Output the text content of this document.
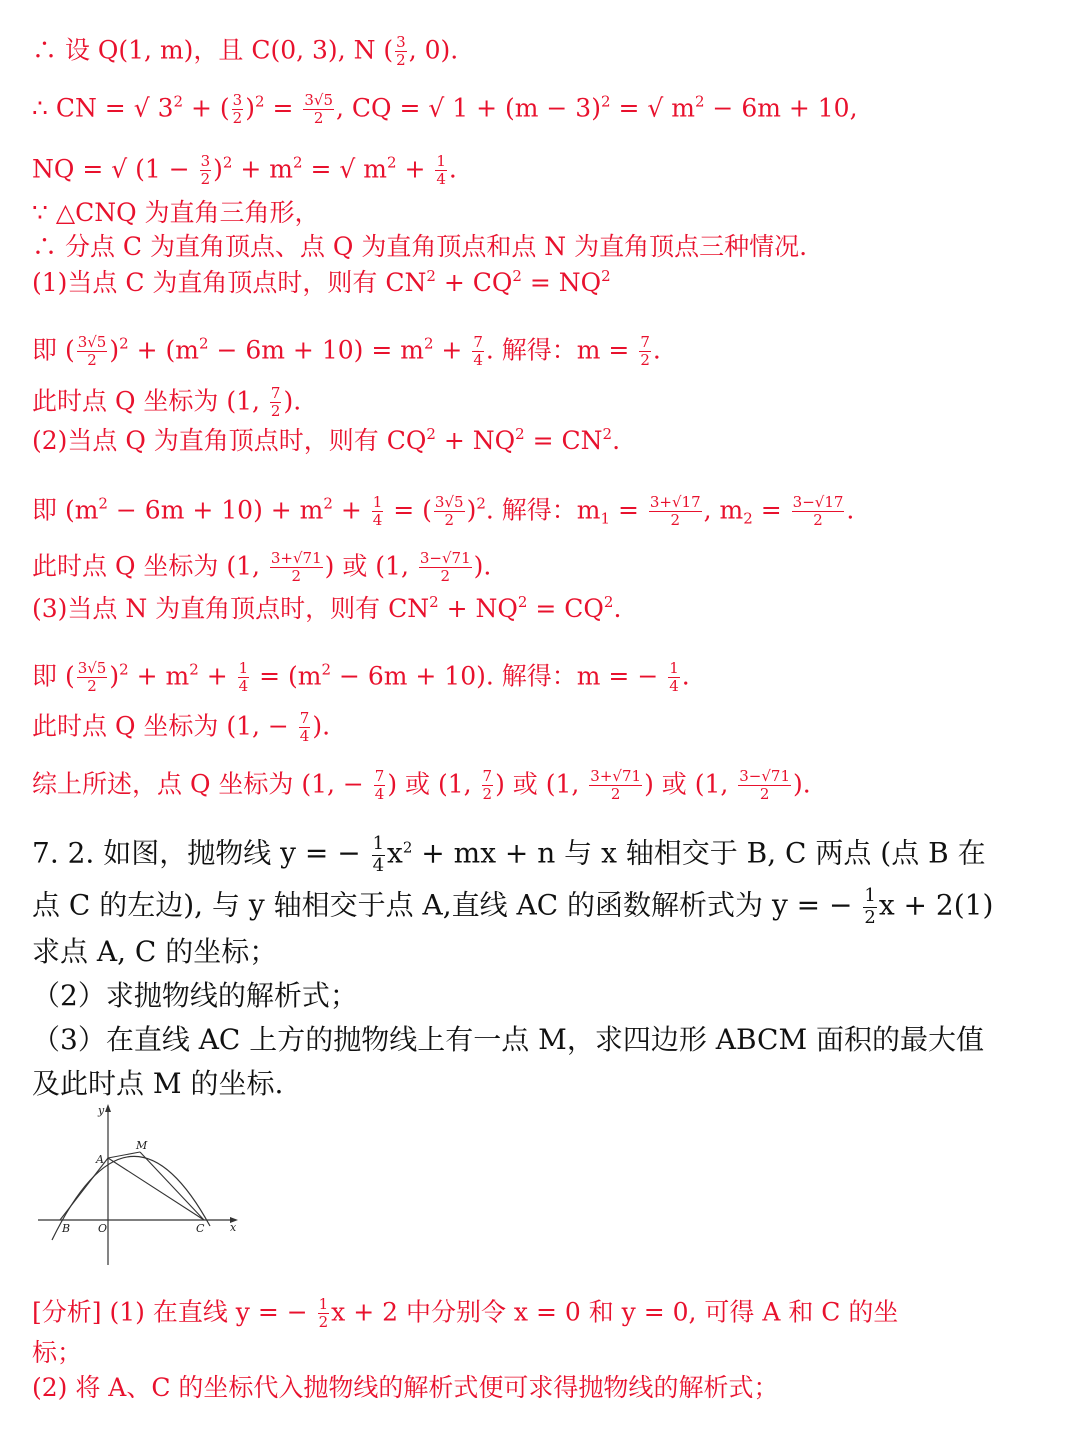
∴ 设 Q(1, m)，且 C(0, 3), N ( $\frac{3}{2}$ , 0).
∴ CN = √ $3^2$ + ( $\frac{3}{2} )^2 = \frac{3√5}{2}$ , CQ = √ $1 + (m - 3)^2$ = √ $m^2 - 6m + 10$,
NQ = √ $(1 - \frac{3}{2} )^2 + m^2$ = √ $m^2 + \frac{1}{4}$ .
∵ △CNQ 为直角三角形，
∴ 分点 C 为直角顶点、点 Q 为直角顶点和点 N 为直角顶点三种情况.
(1)当点 C 为直角顶点时，则有 $CN^2 + CQ^2 = NQ^2$
即 ( $\frac{3√5}{2} )^2 + (m^2 - 6m + 10) = m^2 + \frac{7}{4}$ . 解得：$m = \frac{7}{2}$ .
此时点 Q 坐标为 (1, $\frac{7}{2}$ ).
(2)当点 Q 为直角顶点时，则有 $CQ^2 + NQ^2 = CN^2$.
即 $(m^2 - 6m + 10) + m^2 + \frac{1}{4}$ = ( $\frac{3√5}{2} )^2$. 解得：$m_1 = \frac{3+√17}{2}$ , $m_2 = \frac{3-√17}{2}$ .
此时点 Q 坐标为 (1, $\frac{3+√71}{2}$ ) 或 (1, $\frac{3-√71}{2}$ ).
(3)当点 N 为直角顶点时，则有 $CN^2 + NQ^2 = CQ^2$.
即 ( $\frac{3√5}{2} )^2 + m^2 + \frac{1}{4} = (m^2 - 6m + 10)$. 解得：m = − $\frac{1}{4}$ .
此时点 Q 坐标为 (1, − $\frac{7}{4}$ ).
综上所述，点 Q 坐标为 (1, − $\frac{7}{4}$ ) 或 (1, $\frac{7}{2}$ ) 或 (1, $\frac{3+√71}{2}$ ) 或 (1, $\frac{3-√71}{2}$ ).
7. 2. 如图，抛物线 y = − $\frac{1}{4} x^2$ + mx + n 与 x 轴相交于 B, C 两点 (点 B 在
点 C 的左边), 与 y 轴相交于点 A,直线 AC 的函数解析式为 y = − $\frac{1}{2}$ x + 2(1)
求点 A, C 的坐标；
（2）求抛物线的解析式；
（3）在直线 AC 上方的抛物线上有一点 M，求四边形 ABCM 面积的最大值
及此时点 M 的坐标.
y
x
A
M
B	O	C
[分析] (1) 在直线 y = − $\frac{1}{2}$ x + 2 中分别令 x = 0 和 y = 0, 可得 A 和 C 的坐
标；
(2) 将 A、C 的坐标代入抛物线的解析式便可求得抛物线的解析式；
